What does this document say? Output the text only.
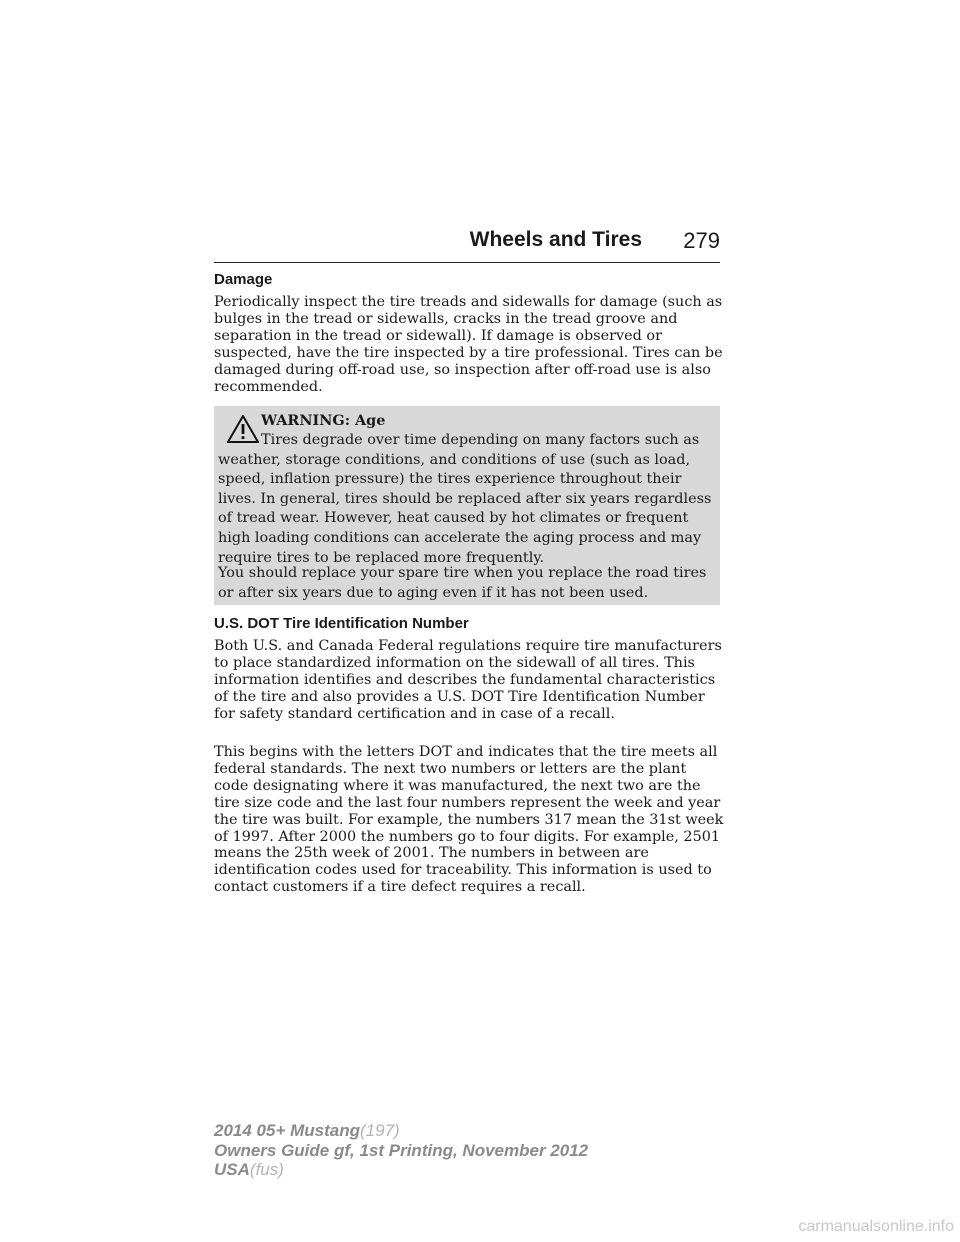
Wheels and Tires 279
Damage

Periodically inspect the tire treads and sidewalls for damage (such as bulges in the tread or sidewalls, cracks in the tread groove and separation in the tread or sidewall). If damage is observed or suspected, have the tire inspected by a tire professional. Tires can be damaged during off-road use, so inspection after off-road use is also recommended.

WARNING: Age

Tires degrade over time depending on many factors such as weather, storage conditions, and conditions of use (such as load, speed, inflation pressure) the tires experience throughout their lives. In general, tires should be replaced after six years regardless of tread wear. However, heat caused by hot climates or frequent high loading conditions can accelerate the aging process and may require tires to be replaced more frequently.

You should replace your spare tire when you replace the road tires or after six years due to aging even if it has not been used.

U.S. DOT Tire Identification Number

Both U.S. and Canada Federal regulations require tire manufacturers to place standardized information on the sidewall of all tires. This information identifies and describes the fundamental characteristics of the tire and also provides a U.S. DOT Tire Identification Number for safety standard certification and in case of a recall.

This begins with the letters DOT and indicates that the tire meets all federal standards. The next two numbers or letters are the plant code designating where it was manufactured, the next two are the tire size code and the last four numbers represent the week and year the tire was built. For example, the numbers 317 mean the 31st week of 1997. After 2000 the numbers go to four digits. For example, 2501 means the 25th week of 2001. The numbers in between are identification codes used for traceability. This information is used to contact customers if a tire defect requires a recall.

2014 05+ Mustang(197)
Owners Guide gf, 1st Printing, November 2012
USA(fus)
carmanualsonline.info
